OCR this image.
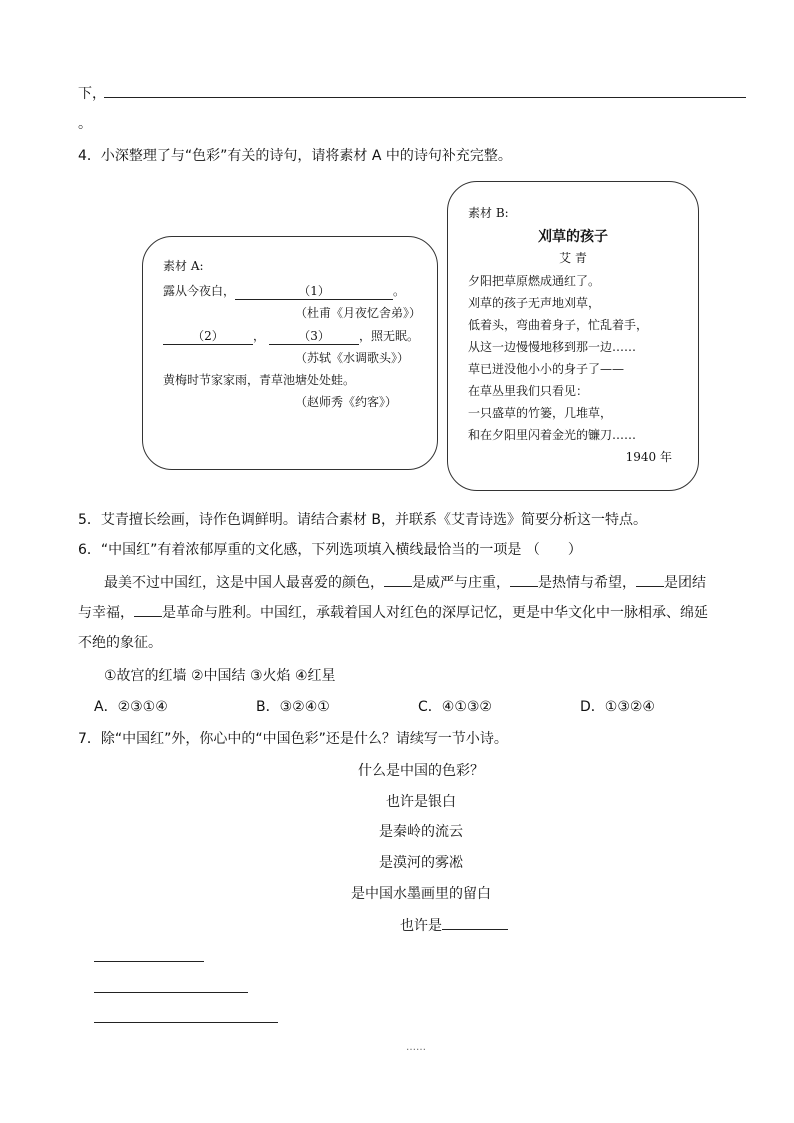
下，
。
4．小深整理了与“色彩”有关的诗句，请将素材 A 中的诗句补充完整。
素材 A:
露从今夜白，	（1）	。
（杜甫《月夜忆舍弟》）
（2） ，	（3） ，照无眠。
（苏轼《水调歌头》）
黄梅时节家家雨，青草池塘处处蛙。
（赵师秀《约客》）
素材 B:
刈草的孩子
艾 青
夕阳把草原燃成通红了。
刈草的孩子无声地刈草，
低着头，弯曲着身子，忙乱着手，
从这一边慢慢地移到那一边……
草已迸没他小小的身子了——
在草丛里我们只看见：
一只盛草的竹篓，几堆草，
和在夕阳里闪着金光的镰刀……
1940 年
5．艾青擅长绘画，诗作色调鲜明。请结合素材 B，并联系《艾青诗选》简要分析这一特点。
6．“中国红”有着浓郁厚重的文化感，下列选项填入横线最恰当的一项是 （　　）
最美不过中国红，这是中国人最喜爱的颜色， 是威严与庄重， 是热情与希望， 是团结
与幸福， 是革命与胜利。中国红，承载着国人对红色的深厚记忆，更是中华文化中一脉相承、绵延
不绝的象征。
①故宫的红墙 ②中国结 ③火焰 ④红星
A．②③①④	B．③②④①	C．④①③②	D．①③②④
7．除“中国红”外，你心中的“中国色彩”还是什么？请续写一节小诗。
什么是中国的色彩？
也许是银白
是秦岭的流云
是漠河的雾凇
是中国水墨画里的留白
也许是
……
